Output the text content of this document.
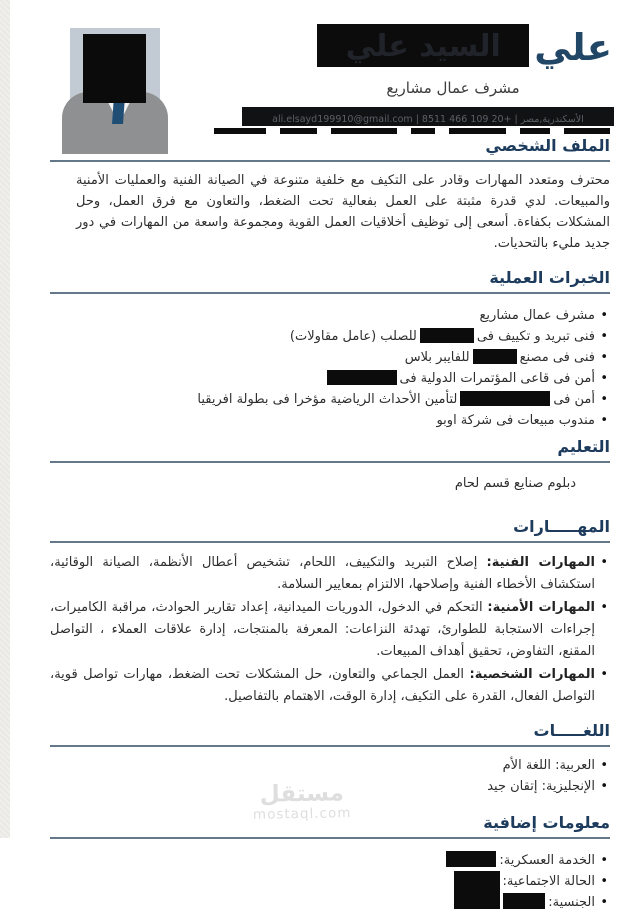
عليالسيد علي
مشرف عمال مشاريع
الأسكندرية,مصر | +20 109 466 8511 | ali.elsayd199910@gmail.com
الملف الشخصي

محترف ومتعدد المهارات وقادر على التكيف مع خلفية متنوعة في الصيانة الفنية والعمليات الأمنية والمبيعات. لدي قدرة مثبتة على العمل بفعالية تحت الضغط، والتعاون مع فرق العمل، وحل المشكلات بكفاءة. أسعى إلى توظيف أخلاقيات العمل القوية ومجموعة واسعة من المهارات في دور جديد مليء بالتحديات.

الخبرات العملية
• مشرف عمال مشاريع
• فنى تبريد و تكييف فىللصلب (عامل مقاولات)
• فنى فى مصنعللفايبر بلاس
• أمن فى قاعى المؤتمرات الدولية فى
• أمن فىلتأمين الأحداث الرياضية مؤخرا فى بطولة افريقيا
• مندوب مبيعات فى شركة اوبو
التعليم

دبلوم صنايع قسم لحام

المهـــــارات
• المهارات الفنية: إصلاح التبريد والتكييف، اللحام، تشخيص أعطال الأنظمة، الصيانة الوقائية، استكشاف الأخطاء الفنية وإصلاحها، الالتزام بمعايير السلامة.
• المهارات الأمنية: التحكم في الدخول، الدوريات الميدانية، إعداد تقارير الحوادث، مراقبة الكاميرات، إجراءات الاستجابة للطوارئ، تهدئة النزاعات: المعرفة بالمنتجات، إدارة علاقات العملاء ، التواصل المقنع، التفاوض، تحقيق أهداف المبيعات.
• المهارات الشخصية: العمل الجماعي والتعاون، حل المشكلات تحت الضغط، مهارات تواصل قوية، التواصل الفعال، القدرة على التكيف، إدارة الوقت، الاهتمام بالتفاصيل.
اللغـــــات
• العربية: اللغة الأم
• الإنجليزية: إتقان جيد
معلومات إضافية
• الخدمة العسكرية:
• الحالة الاجتماعية:
• الجنسية:
مستقل
mostaql.com
